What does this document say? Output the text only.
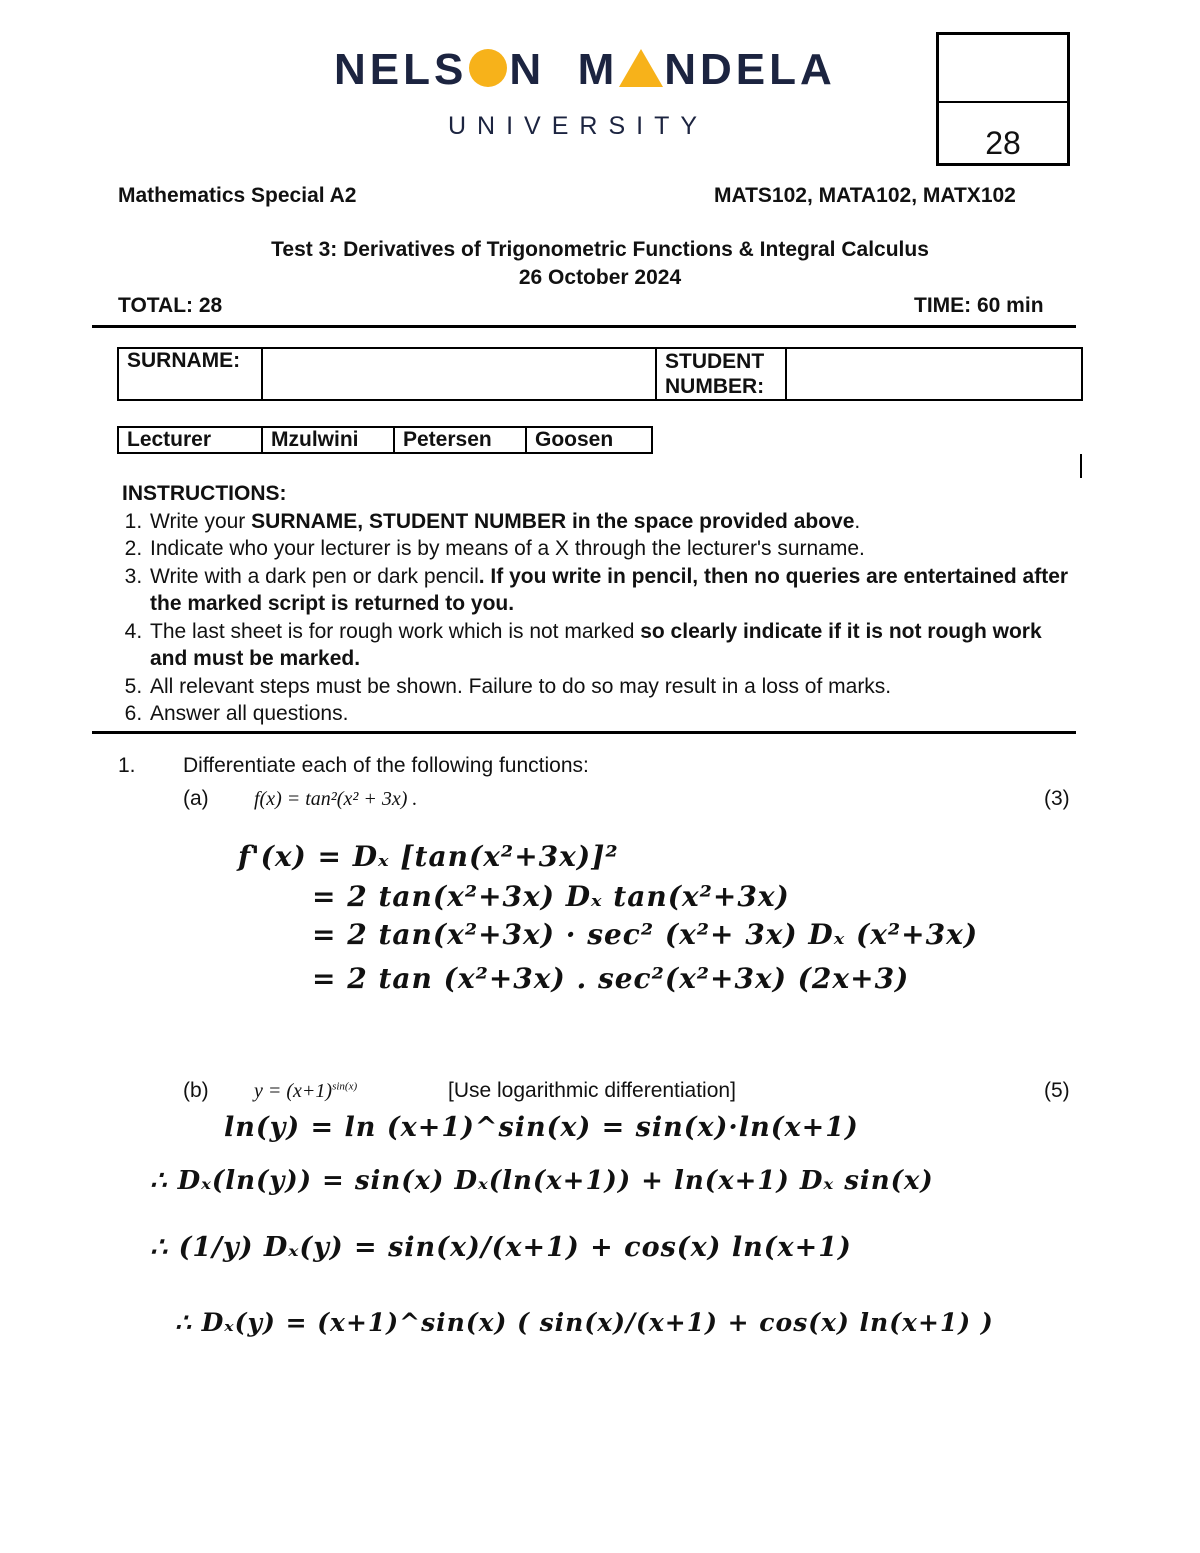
NELS N M NDELA
UNIVERSITY	28
Mathematics Special A2	MATS102, MATA102, MATX102
Test 3: Derivatives of Trigonometric Functions & Integral Calculus
26 October 2024
TOTAL: 28	TIME: 60 min
SURNAME:		STUDENT NUMBER:	
Lecturer	Mzulwini	Petersen	Goosen
INSTRUCTIONS:
1. Write your SURNAME, STUDENT NUMBER in the space provided above.
2. Indicate who your lecturer is by means of a X through the lecturer's surname.
3. Write with a dark pen or dark pencil. If you write in pencil, then no queries are entertained after the marked script is returned to you.
4. The last sheet is for rough work which is not marked so clearly indicate if it is not rough work and must be marked.
5. All relevant steps must be shown. Failure to do so may result in a loss of marks.
6. Answer all questions.
1. Differentiate each of the following functions:
(a) f(x) = tan²(x² + 3x) .	(3)
f'(x) = Dₓ [tan(x²+3x)]²
= 2 tan(x²+3x) Dₓ tan(x²+3x)
= 2 tan(x²+3x) · sec² (x²+ 3x) Dₓ (x²+3x)
= 2 tan (x²+3x) . sec²(x²+3x) (2x+3)
(b) $y = (x+1)^{sin(x)}$	[Use logarithmic differentiation]	(5)
ln(y) = ln (x+1)^sin(x) = sin(x)·ln(x+1)
∴ Dₓ(ln(y)) = sin(x) Dₓ(ln(x+1)) + ln(x+1) Dₓ sin(x)
∴ (1/y) Dₓ(y) = sin(x)/(x+1) + cos(x) ln(x+1)
∴ Dₓ(y) = (x+1)^sin(x) ( sin(x)/(x+1) + cos(x) ln(x+1) )
